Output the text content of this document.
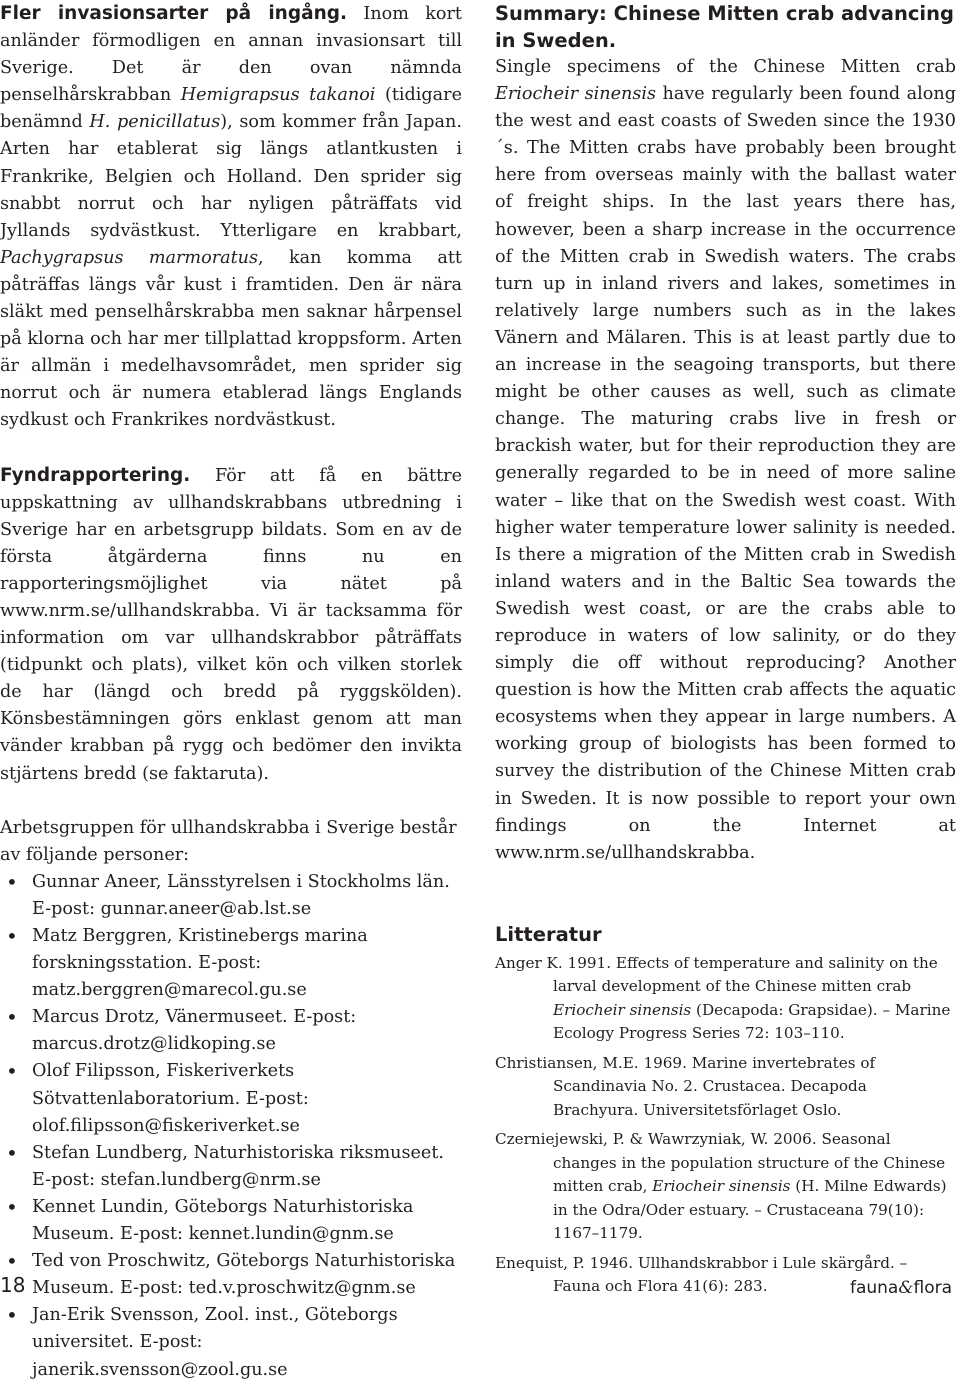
Fler invasionsarter på ingång. Inom kort anländer förmodligen en annan invasionsart till Sverige. Det är den ovan nämnda penselhårskrabban Hemigrapsus takanoi (tidigare benämnd H. penicillatus), som kommer från Japan. Arten har etablerat sig längs atlantkusten i Frankrike, Belgien och Holland. Den sprider sig snabbt norrut och har nyligen påträffats vid Jyllands sydvästkust. Ytterligare en krabbart, Pachygrapsus marmoratus, kan komma att påträffas längs vår kust i framtiden. Den är nära släkt med penselhårskrabba men saknar hårpensel på klorna och har mer tillplattad kroppsform. Arten är allmän i medelhavsområdet, men sprider sig norrut och är numera etablerad längs Englands sydkust och Frankrikes nordvästkust.

Fyndrapportering. För att få en bättre uppskattning av ullhandskrabbans utbredning i Sverige har en arbetsgrupp bildats. Som en av de första åtgärderna finns nu en rapporteringsmöjlighet via nätet på www.nrm.se/ullhandskrabba. Vi är tacksamma för information om var ullhandskrabbor påträffats (tidpunkt och plats), vilket kön och vilken storlek de har (längd och bredd på ryggskölden). Könsbestämningen görs enklast genom att man vänder krabban på rygg och bedömer den invikta stjärtens bredd (se faktaruta).

Arbetsgruppen för ullhandskrabba i Sverige består av följande personer:

• Gunnar Aneer, Länsstyrelsen i Stockholms län. E-post: gunnar.aneer@ab.lst.se
• Matz Berggren, Kristinebergs marina forskningsstation. E-post: matz.berggren@marecol.gu.se
• Marcus Drotz, Vänermuseet. E-post: marcus.drotz@lidkoping.se
• Olof Filipsson, Fiskeriverkets Sötvattenlaboratorium. E-post: olof.filipsson@fiskeriverket.se
• Stefan Lundberg, Naturhistoriska riksmuseet. E-post: stefan.lundberg@nrm.se
• Kennet Lundin, Göteborgs Naturhistoriska Museum. E-post: kennet.lundin@gnm.se
• Ted von Proschwitz, Göteborgs Naturhistoriska Museum. E-post: ted.v.proschwitz@gnm.se
• Jan-Erik Svensson, Zool. inst., Göteborgs universitet. E-post: janerik.svensson@zool.gu.se
Summary: Chinese Mitten crab advancing in Sweden.

Single specimens of the Chinese Mitten crab Eriocheir sinensis have regularly been found along the west and east coasts of Sweden since the 1930´s. The Mitten crabs have probably been brought here from overseas mainly with the ballast water of freight ships. In the last years there has, however, been a sharp increase in the occurrence of the Mitten crab in Swedish waters. The crabs turn up in inland rivers and lakes, sometimes in relatively large numbers such as in the lakes Vänern and Mälaren. This is at least partly due to an increase in the seagoing transports, but there might be other causes as well, such as climate change. The maturing crabs live in fresh or brackish water, but for their reproduction they are generally regarded to be in need of more saline water – like that on the Swedish west coast. With higher water temperature lower salinity is needed. Is there a migration of the Mitten crab in Swedish inland waters and in the Baltic Sea towards the Swedish west coast, or are the crabs able to reproduce in waters of low salinity, or do they simply die off without reproducing? Another question is how the Mitten crab affects the aquatic ecosystems when they appear in large numbers. A working group of biologists has been formed to survey the distribution of the Chinese Mitten crab in Sweden. It is now possible to report your own findings on the Internet at www.nrm.se/ullhandskrabba.

Litteratur
Anger K. 1991. Effects of temperature and salinity on the larval development of the Chinese mitten crab Eriocheir sinensis (Decapoda: Grapsidae). – Marine Ecology Progress Series 72: 103–110.
Christiansen, M.E. 1969. Marine invertebrates of Scandinavia No. 2. Crustacea. Decapoda Brachyura. Universitetsförlaget Oslo.
Czerniejewski, P. & Wawrzyniak, W. 2006. Seasonal changes in the population structure of the Chinese mitten crab, Eriocheir sinensis (H. Milne Edwards) in the Odra/Oder estuary. – Crustaceana 79(10): 1167–1179.
Enequist, P. 1946. Ullhandskrabbor i Lule skärgård. – Fauna och Flora 41(6): 283.
18	fauna&flora
